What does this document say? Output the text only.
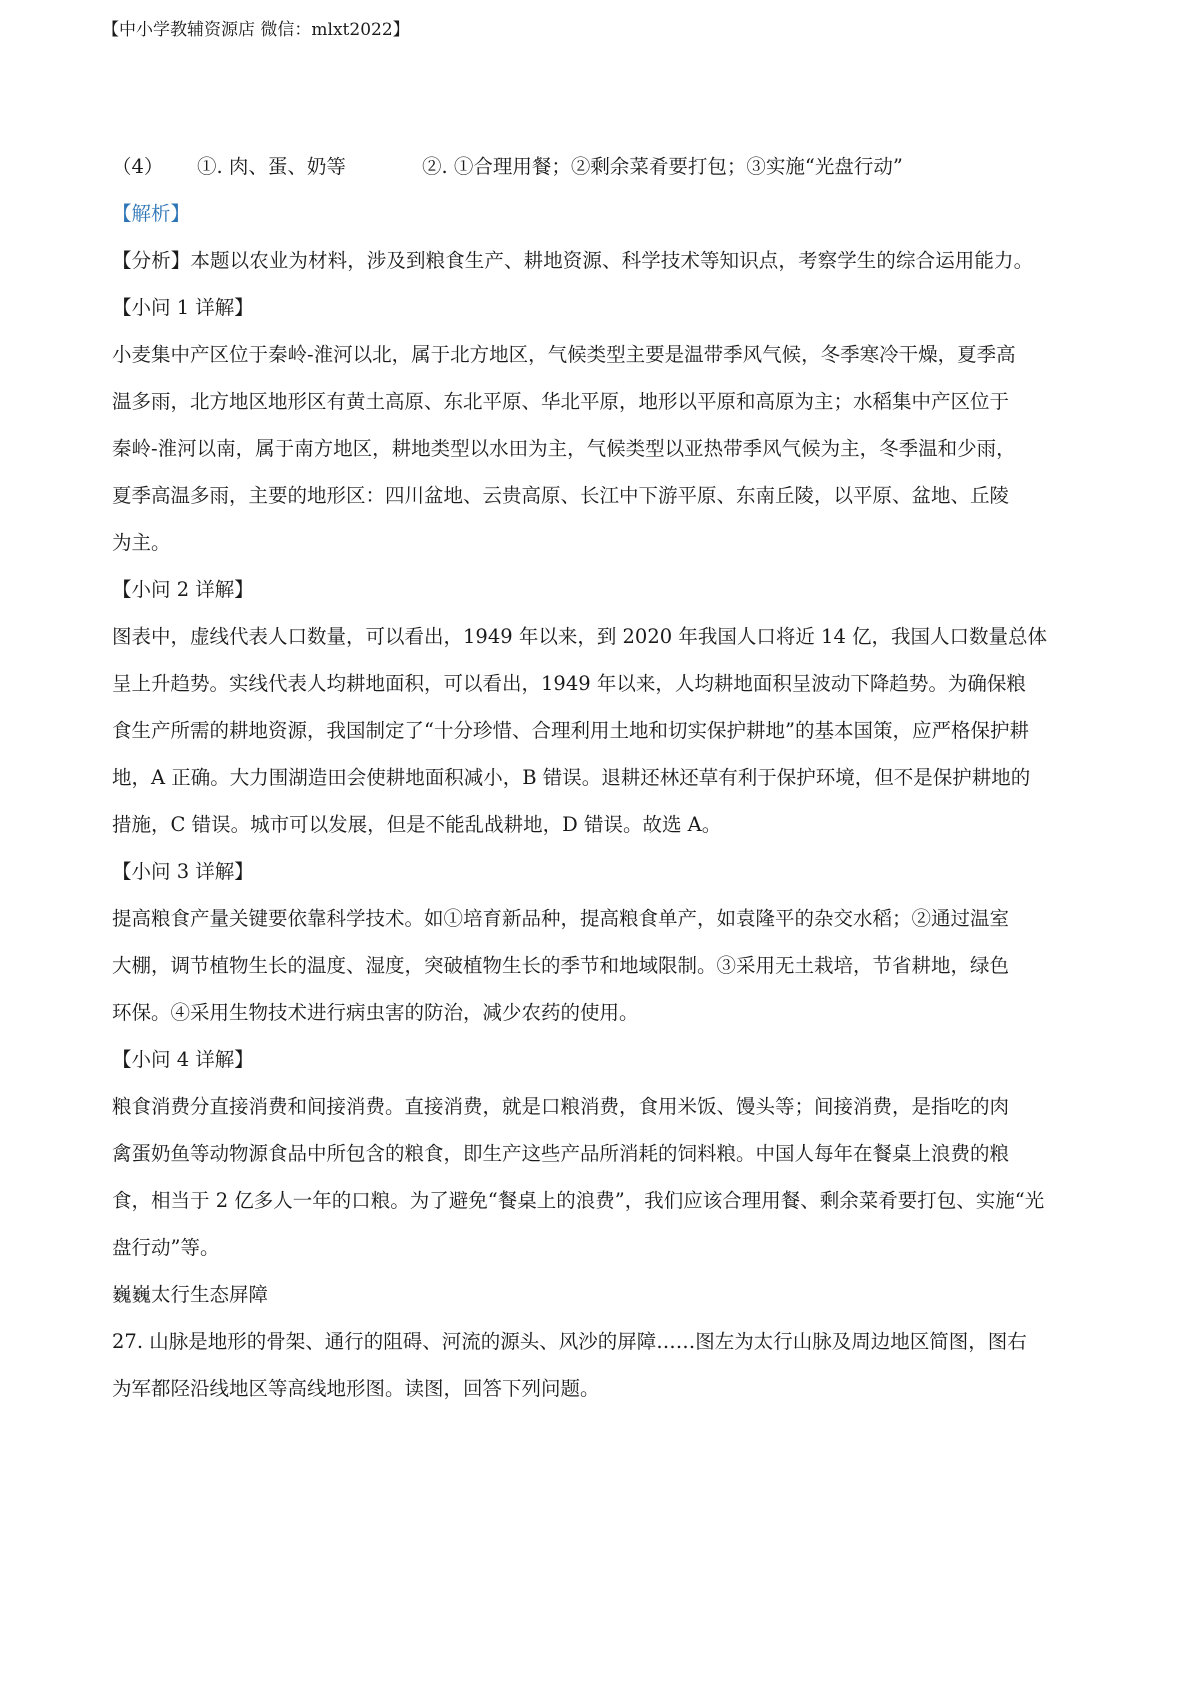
【中小学教辅资源店 微信：mlxt2022】
（4） ①. 肉、蛋、奶等	②. ①合理用餐；②剩余菜肴要打包；③实施“光盘行动”
【解析】
【分析】本题以农业为材料，涉及到粮食生产、耕地资源、科学技术等知识点，考察学生的综合运用能力。
【小问 1 详解】
小麦集中产区位于秦岭-淮河以北，属于北方地区，气候类型主要是温带季风气候，冬季寒冷干燥，夏季高
温多雨，北方地区地形区有黄土高原、东北平原、华北平原，地形以平原和高原为主；水稻集中产区位于
秦岭-淮河以南，属于南方地区，耕地类型以水田为主，气候类型以亚热带季风气候为主，冬季温和少雨，
夏季高温多雨，主要的地形区：四川盆地、云贵高原、长江中下游平原、东南丘陵，以平原、盆地、丘陵
为主。
【小问 2 详解】
图表中，虚线代表人口数量，可以看出，1949 年以来，到 2020 年我国人口将近 14 亿，我国人口数量总体
呈上升趋势。实线代表人均耕地面积，可以看出，1949 年以来，人均耕地面积呈波动下降趋势。为确保粮
食生产所需的耕地资源，我国制定了“十分珍惜、合理利用土地和切实保护耕地”的基本国策，应严格保护耕
地，A 正确。大力围湖造田会使耕地面积减小，B 错误。退耕还林还草有利于保护环境，但不是保护耕地的
措施，C 错误。城市可以发展，但是不能乱战耕地，D 错误。故选 A。
【小问 3 详解】
提高粮食产量关键要依靠科学技术。如①培育新品种，提高粮食单产，如袁隆平的杂交水稻；②通过温室
大棚，调节植物生长的温度、湿度，突破植物生长的季节和地域限制。③采用无土栽培，节省耕地，绿色
环保。④采用生物技术进行病虫害的防治，减少农药的使用。
【小问 4 详解】
粮食消费分直接消费和间接消费。直接消费，就是口粮消费，食用米饭、馒头等；间接消费，是指吃的肉
禽蛋奶鱼等动物源食品中所包含的粮食，即生产这些产品所消耗的饲料粮。中国人每年在餐桌上浪费的粮
食，相当于 2 亿多人一年的口粮。为了避免“餐桌上的浪费”，我们应该合理用餐、剩余菜肴要打包、实施“光
盘行动”等。
巍巍太行生态屏障
27. 山脉是地形的骨架、通行的阻碍、河流的源头、风沙的屏障……图左为太行山脉及周边地区简图，图右
为军都陉沿线地区等高线地形图。读图，回答下列问题。
